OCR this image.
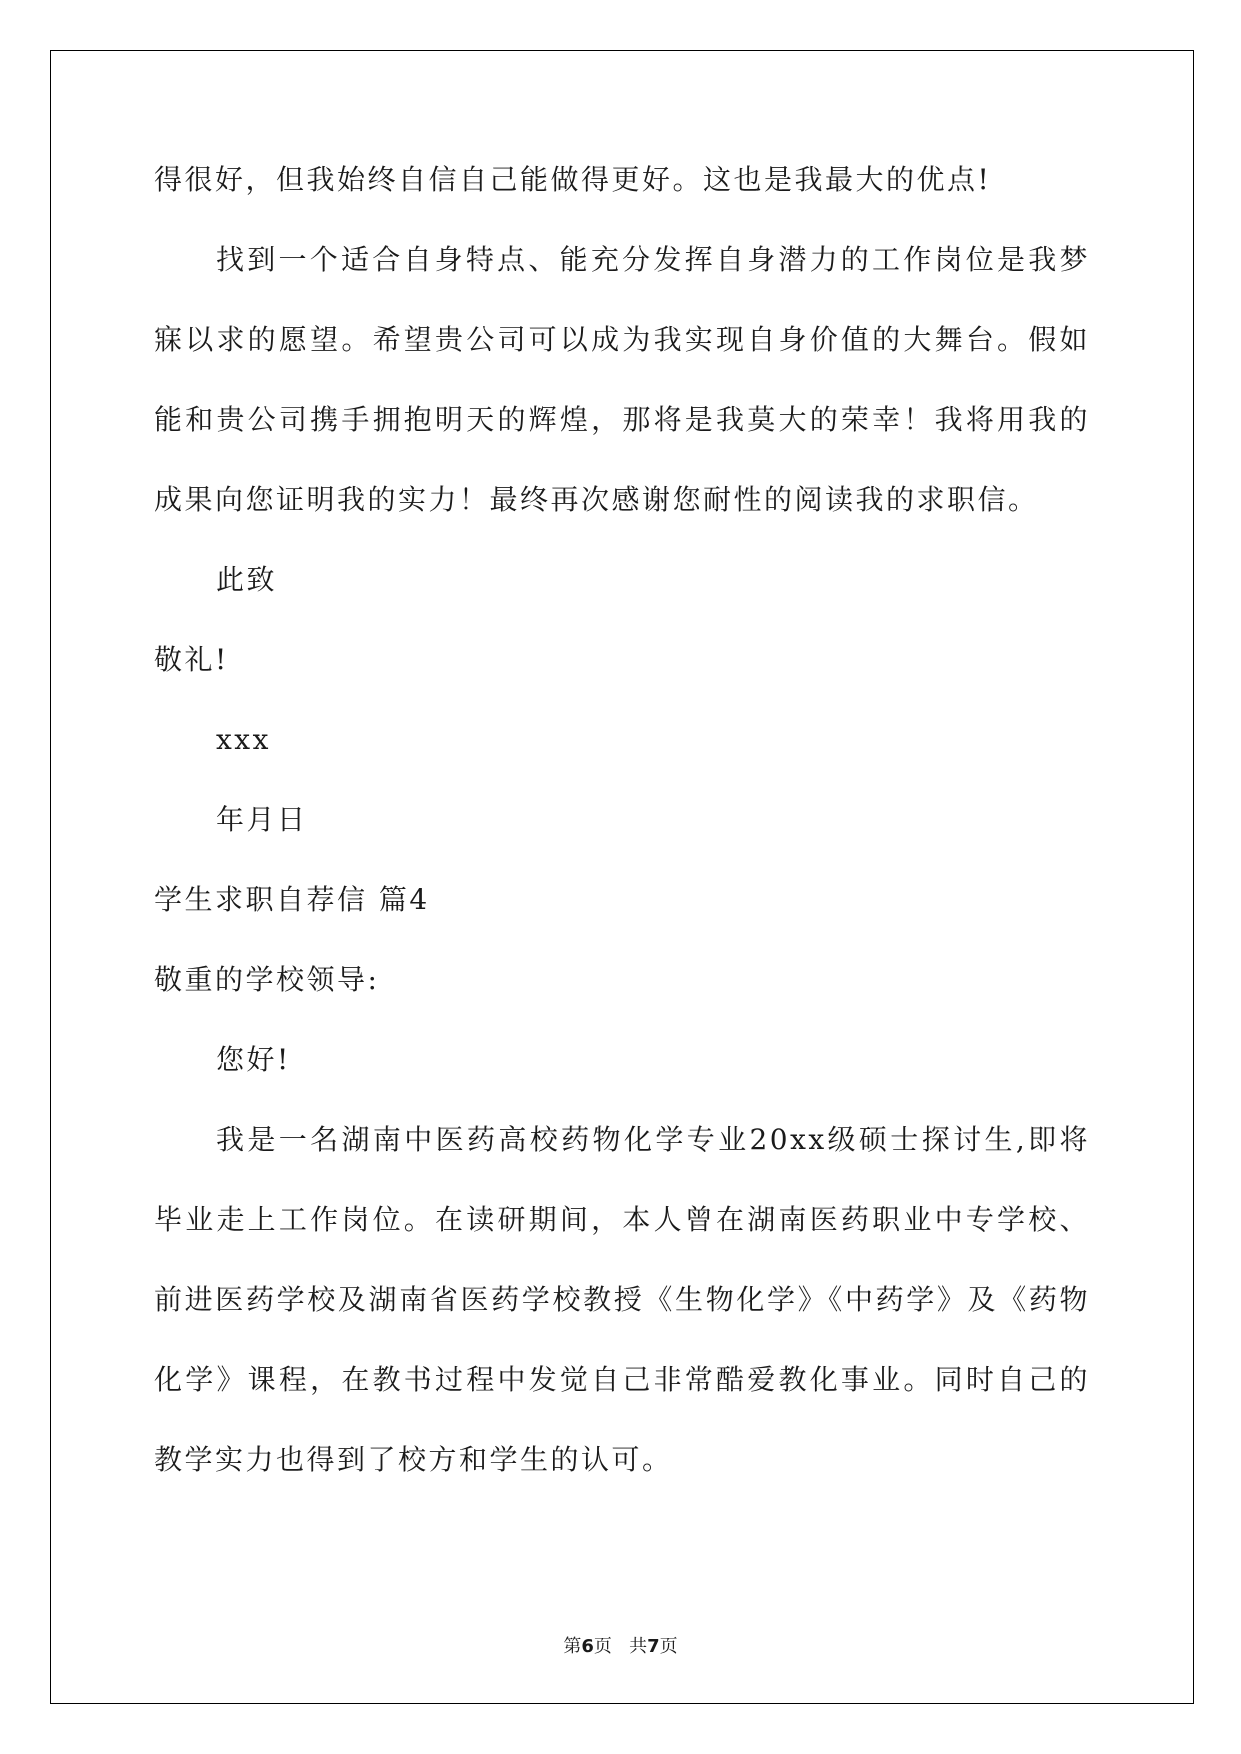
得很好，但我始终自信自己能做得更好。这也是我最大的优点!
找到一个适合自身特点、能充分发挥自身潜力的工作岗位是我梦
寐以求的愿望。希望贵公司可以成为我实现自身价值的大舞台。假如
能和贵公司携手拥抱明天的辉煌，那将是我莫大的荣幸！我将用我的
成果向您证明我的实力！最终再次感谢您耐性的阅读我的求职信。
此致
敬礼!
xxx
年月日
学生求职自荐信 篇4
敬重的学校领导:
您好!
我是一名湖南中医药高校药物化学专业20xx级硕士探讨生,即将
毕业走上工作岗位。在读研期间，本人曾在湖南医药职业中专学校、
前进医药学校及湖南省医药学校教授《生物化学》《中药学》及《药物
化学》课程，在教书过程中发觉自己非常酷爱教化事业。同时自己的
教学实力也得到了校方和学生的认可。
第6页   共7页
